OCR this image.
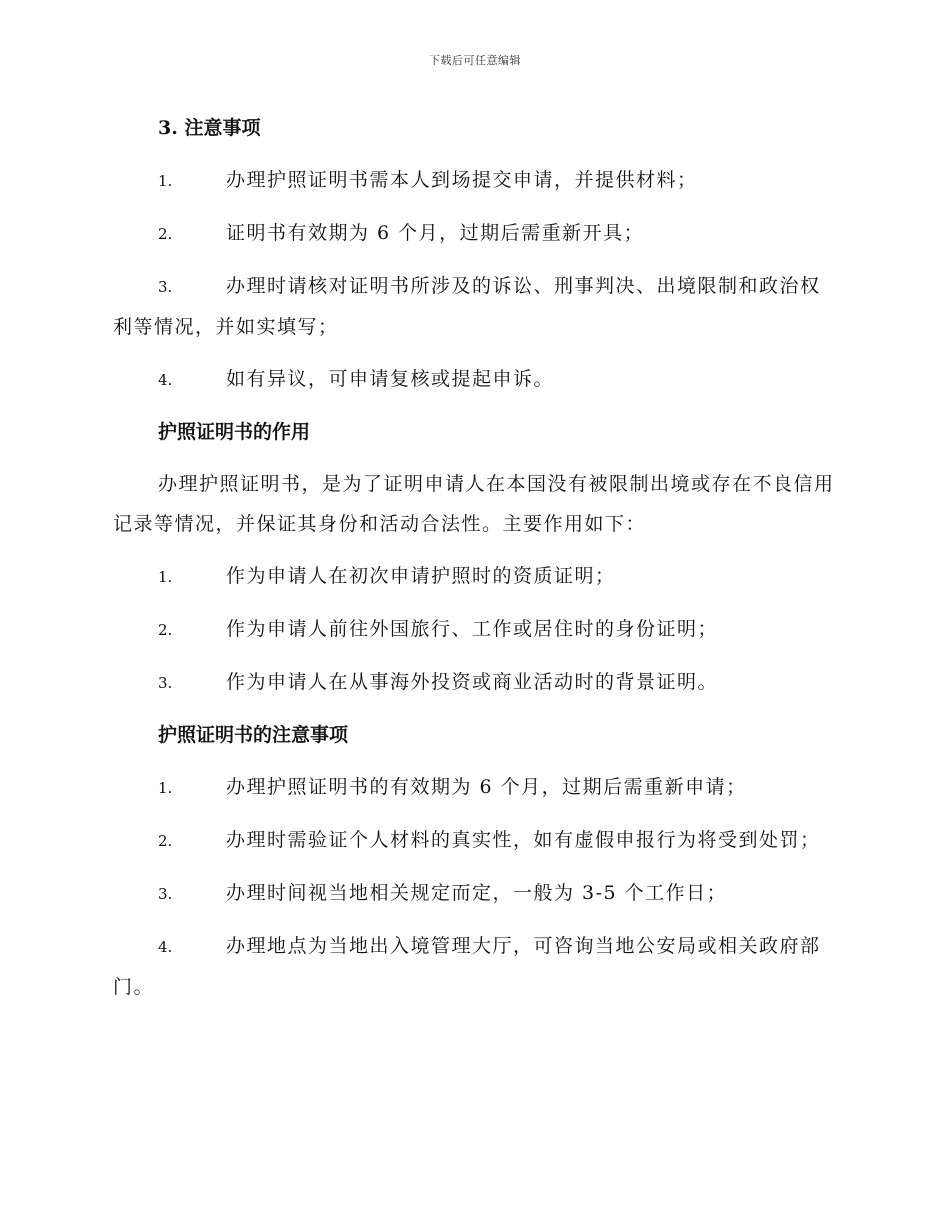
下载后可任意编辑
3. 注意事项
1.	办理护照证明书需本人到场提交申请，并提供材料；
2.	证明书有效期为 6 个月，过期后需重新开具；
3.	办理时请核对证明书所涉及的诉讼、刑事判决、出境限制和政治权利等情况，并如实填写；
4.	如有异议，可申请复核或提起申诉。
护照证明书的作用
办理护照证明书，是为了证明申请人在本国没有被限制出境或存在不良信用记录等情况，并保证其身份和活动合法性。主要作用如下：
1.	作为申请人在初次申请护照时的资质证明；
2.	作为申请人前往外国旅行、工作或居住时的身份证明；
3.	作为申请人在从事海外投资或商业活动时的背景证明。
护照证明书的注意事项
1.	办理护照证明书的有效期为 6 个月，过期后需重新申请；
2.	办理时需验证个人材料的真实性，如有虚假申报行为将受到处罚；
3.	办理时间视当地相关规定而定，一般为 3-5 个工作日；
4.	办理地点为当地出入境管理大厅，可咨询当地公安局或相关政府部门。
